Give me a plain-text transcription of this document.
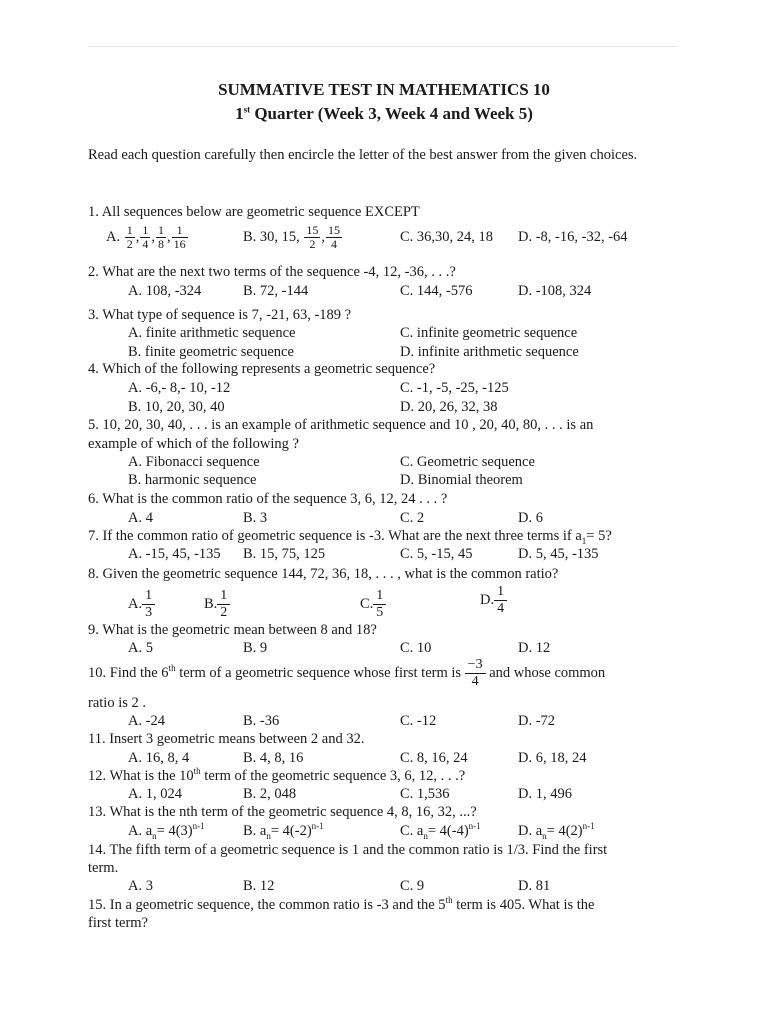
SUMMATIVE TEST IN MATHEMATICS 10
1st Quarter (Week 3, Week 4 and Week 5)
Read each question carefully then encircle the letter of the best answer from the given choices.
1. All sequences below are geometric sequence EXCEPT
A. $\frac{1}{2}$ , $\frac{1}{4}$ , $\frac{1}{8}$ , $\frac{1}{16}$	B. 30, 15, $\frac{15}{2}$ , $\frac{15}{4}$	C. 36,30, 24, 18 D. -8, -16, -32, -64
2. What are the next two terms of the sequence -4, 12, -36, . . .?
A. 108, -324	B. 72, -144	C. 144, -576	D. -108, 324
3. What type of sequence is 7, -21, 63, -189 ?
A. finite arithmetic sequence	C. infinite geometric sequence
B. finite geometric sequence	D. infinite arithmetic sequence
4. Which of the following represents a geometric sequence?
A. -6,- 8,- 10, -12	C. -1, -5, -25, -125
B. 10, 20, 30, 40	D. 20, 26, 32, 38
5. 10, 20, 30, 40, . . . is an example of arithmetic sequence and 10 , 20, 40, 80, . . . is an
example of which of the following ?
A. Fibonacci sequence	C. Geometric sequence
B. harmonic sequence	D. Binomial theorem
6. What is the common ratio of the sequence 3, 6, 12, 24 . . . ?
A. 4	B. 3	C. 2	D. 6
7. If the common ratio of geometric sequence is -3. What are the next three terms if $a_1= 5$?
A. -15, 45, -135 B. 15, 75, 125	C. 5, -15, 45	D. 5, 45, -135
8. Given the geometric sequence 144, 72, 36, 18, . . . , what is the common ratio?
A. $\frac{1}{3}$	B. $\frac{1}{2}$	C. $\frac{1}{5}$	D. $\frac{1}{4}$
9. What is the geometric mean between 8 and 18?
A. 5	B. 9	C. 10	D. 12
10. Find the 6th term of a geometric sequence whose first term is $\frac{-3}{4}$ and whose common
ratio is 2 .
A. -24	B. -36	C. -12	D. -72
11. Insert 3 geometric means between 2 and 32.
A. 16, 8, 4	B. 4, 8, 16	C. 8, 16, 24	D. 6, 18, 24
12. What is the 10th term of the geometric sequence 3, 6, 12, . . .?
A. 1, 024	B. 2, 048	C. 1,536	D. 1, 496
13. What is the nth term of the geometric sequence 4, 8, 16, 32, ...?
A. $a_n= 4(3)^{n-1}$	B. $a_n= 4(-2)^{n-1}$	C. $a_n= 4(-4)^{n-1}$	D. $a_n= 4(2)^{n-1}$
14. The fifth term of a geometric sequence is 1 and the common ratio is 1/3. Find the first
term.
A. 3	B. 12	C. 9	D. 81
15. In a geometric sequence, the common ratio is -3 and the 5th term is 405. What is the
first term?
